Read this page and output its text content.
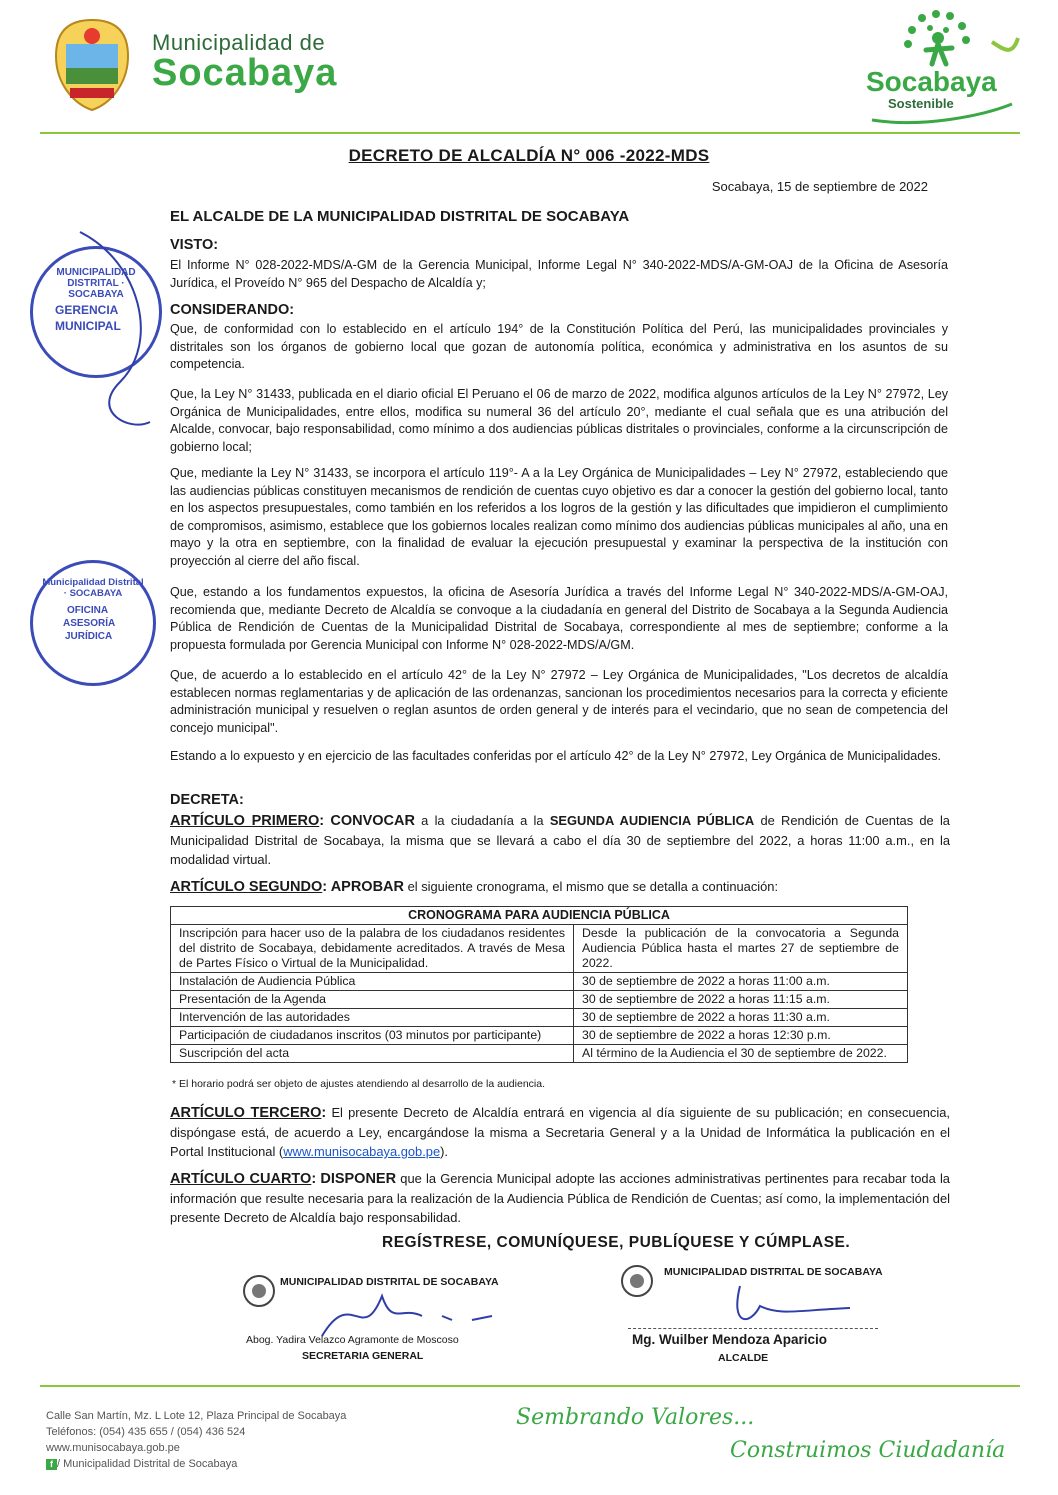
Municipalidad de
Socabaya	Socabaya
Sostenible
DECRETO DE ALCALDÍA N° 006 -2022-MDS
Socabaya, 15 de septiembre de 2022
EL ALCALDE DE LA MUNICIPALIDAD DISTRITAL DE SOCABAYA
VISTO:
El Informe N° 028-2022-MDS/A-GM de la Gerencia Municipal, Informe Legal N° 340-2022-MDS/A-GM-OAJ de la Oficina de Asesoría Jurídica, el Proveído N° 965 del Despacho de Alcaldía y;
CONSIDERANDO:
Que, de conformidad con lo establecido en el artículo 194° de la Constitución Política del Perú, las municipalidades provinciales y distritales son los órganos de gobierno local que gozan de autonomía política, económica y administrativa en los asuntos de su competencia.
Que, la Ley N° 31433, publicada en el diario oficial El Peruano el 06 de marzo de 2022, modifica algunos artículos de la Ley N° 27972, Ley Orgánica de Municipalidades, entre ellos, modifica su numeral 36 del artículo 20°, mediante el cual señala que es una atribución del Alcalde, convocar, bajo responsabilidad, como mínimo a dos audiencias públicas distritales o provinciales, conforme a la circunscripción de gobierno local;
Que, mediante la Ley N° 31433, se incorpora el artículo 119°- A a la Ley Orgánica de Municipalidades – Ley N° 27972, estableciendo que las audiencias públicas constituyen mecanismos de rendición de cuentas cuyo objetivo es dar a conocer la gestión del gobierno local, tanto en los aspectos presupuestales, como también en los referidos a los logros de la gestión y las dificultades que impidieron el cumplimiento de compromisos, asimismo, establece que los gobiernos locales realizan como mínimo dos audiencias públicas municipales al año, una en mayo y la otra en septiembre, con la finalidad de evaluar la ejecución presupuestal y examinar la perspectiva de la institución con proyección al cierre del año fiscal.
Que, estando a los fundamentos expuestos, la oficina de Asesoría Jurídica a través del Informe Legal N° 340-2022-MDS/A-GM-OAJ, recomienda que, mediante Decreto de Alcaldía se convoque a la ciudadanía en general del Distrito de Socabaya a la Segunda Audiencia Pública de Rendición de Cuentas de la Municipalidad Distrital de Socabaya, correspondiente al mes de septiembre; conforme a la propuesta formulada por Gerencia Municipal con Informe N° 028-2022-MDS/A/GM.
Que, de acuerdo a lo establecido en el artículo 42° de la Ley N° 27972 – Ley Orgánica de Municipalidades, "Los decretos de alcaldía establecen normas reglamentarias y de aplicación de las ordenanzas, sancionan los procedimientos necesarios para la correcta y eficiente administración municipal y resuelven o reglan asuntos de orden general y de interés para el vecindario, que no sean de competencia del concejo municipal".
Estando a lo expuesto y en ejercicio de las facultades conferidas por el artículo 42° de la Ley N° 27972, Ley Orgánica de Municipalidades.
DECRETA:
ARTÍCULO PRIMERO: CONVOCAR a la ciudadanía a la SEGUNDA AUDIENCIA PÚBLICA de Rendición de Cuentas de la Municipalidad Distrital de Socabaya, la misma que se llevará a cabo el día 30 de septiembre del 2022, a horas 11:00 a.m., en la modalidad virtual.
ARTÍCULO SEGUNDO: APROBAR el siguiente cronograma, el mismo que se detalla a continuación:
CRONOGRAMA PARA AUDIENCIA PÚBLICA	
Inscripción para hacer uso de la palabra de los ciudadanos residentes del distrito de Socabaya, debidamente acreditados. A través de Mesa de Partes Físico o Virtual de la Municipalidad.	Desde la publicación de la convocatoria a Segunda Audiencia Pública hasta el martes 27 de septiembre de 2022.
Instalación de Audiencia Pública	30 de septiembre de 2022 a horas 11:00 a.m.
Presentación de la Agenda	30 de septiembre de 2022 a horas 11:15 a.m.
Intervención de las autoridades	30 de septiembre de 2022 a horas 11:30 a.m.
Participación de ciudadanos inscritos (03 minutos por participante)	30 de septiembre de 2022 a horas 12:30 p.m.
Suscripción del acta	Al término de la Audiencia el 30 de septiembre de 2022.
* El horario podrá ser objeto de ajustes atendiendo al desarrollo de la audiencia.
ARTÍCULO TERCERO: El presente Decreto de Alcaldía entrará en vigencia al día siguiente de su publicación; en consecuencia, dispóngase está, de acuerdo a Ley, encargándose la misma a Secretaria General y a la Unidad de Informática la publicación en el Portal Institucional (www.munisocabaya.gob.pe).
ARTÍCULO CUARTO: DISPONER que la Gerencia Municipal adopte las acciones administrativas pertinentes para recabar toda la información que resulte necesaria para la realización de la Audiencia Pública de Rendición de Cuentas; así como, la implementación del presente Decreto de Alcaldía bajo responsabilidad.
REGÍSTRESE, COMUNÍQUESE, PUBLÍQUESE Y CÚMPLASE.
MUNICIPALIDAD DISTRITAL · SOCABAYA
GERENCIA
MUNICIPAL
Municipalidad Distrital · SOCABAYA
OFICINA
ASESORÍA
JURÍDICA
MUNICIPALIDAD DISTRITAL DE SOCABAYA
Abog. Yadira Velazco Agramonte de Moscoso
SECRETARIA GENERAL
MUNICIPALIDAD DISTRITAL DE SOCABAYA
Mg. Wuilber Mendoza Aparicio
ALCALDE
Calle San Martín, Mz. L Lote 12, Plaza Principal de Socabaya
Teléfonos: (054) 435 655 / (054) 436 524
www.munisocabaya.gob.pe
f / Municipalidad Distrital de Socabaya
Sembrando Valores...
Construimos Ciudadanía
